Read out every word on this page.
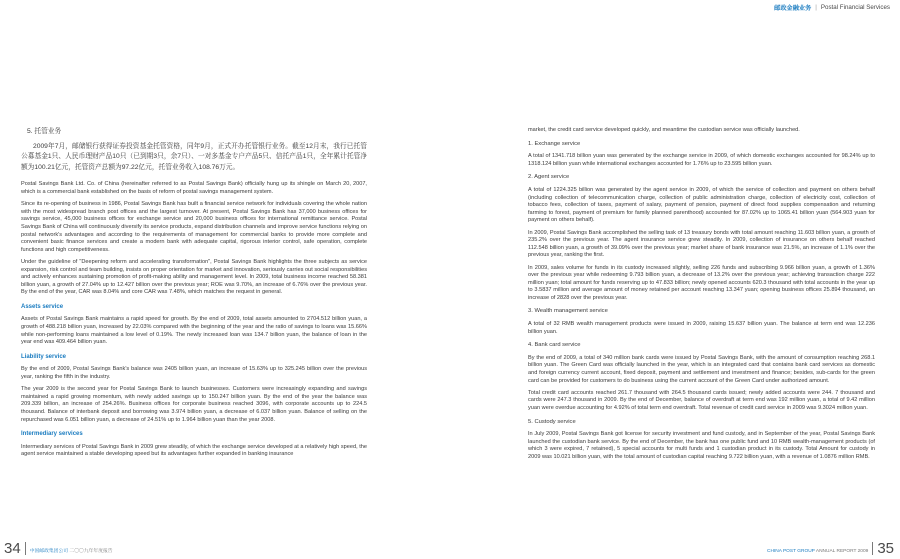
邮政金融业务 | Postal Financial Services
5. 托管业务
2009年7月，邮储银行获得证券投资基金托管资格，同年9月，正式开办托管银行业务。截至12月末，我行已托管公募基金1只、人民币理财产品10只（已到期3只，余7只）、一对多基金专户产品5只、信托产品1只，全年累计托管净额为100.21亿元，托管资产总额为97.22亿元，托管业务收入108.76万元。

Postal Savings Bank Ltd. Co. of China (hereinafter referred to as Postal Savings Bank) officially hung up its shingle on March 20, 2007, which is a commercial bank established on the basis of reform of postal savings management system.

Since its re-opening of business in 1986, Postal Savings Bank has built a financial service network for individuals covering the whole nation with the most widespread branch post offices and the largest turnover. At present, Postal Savings Bank has 37,000 business offices for savings service, 45,000 business offices for exchange service and 20,000 business offices for international remittance service. Postal Savings Bank of China will continuously diversify its service products, expand distribution channels and improve service functions relying on postal network's advantages and according to the requirements of management for commercial banks to provide more complete and convenient basic finance services and create a modern bank with adequate capital, rigorous interior control, safe operation, complete functions and high competitiveness.

Under the guideline of "Deepening reform and accelerating transformation", Postal Savings Bank highlights the three subjects as service expansion, risk control and team building, insists on proper orientation for market and innovation, seriously carries out social responsibilities and actively enhances sustaining promotion of profit-making ability and management level. In 2009, total business income reached 58.381 billion yuan, a growth of 27.04% up to 12.427 billion over the previous year; ROE was 9.70%, an increase of 6.76% over the previous year. By the end of the year, CAR was 8.04% and core CAR was 7.48%, which matches the request in general.

Assets service

Assets of Postal Savings Bank maintains a rapid speed for growth. By the end of 2009, total assets amounted to 2704.512 billion yuan, a growth of 488.218 billion yuan, increased by 22.03% compared with the beginning of the year and the ratio of savings to loans was 15.66% while non-performing loans maintained a low level of 0.19%. The newly increased loan was 134.7 billion yuan, the balance of loan in the year end was 409.464 billion yuan.

Liability service

By the end of 2009, Postal Savings Bank's balance was 2405 billion yuan, an increase of 15.63% up to 325.245 billion over the previous year, ranking the fifth in the industry.

The year 2009 is the second year for Postal Savings Bank to launch businesses. Customers were increasingly expanding and savings maintained a rapid growing momentum, with newly added savings up to 150.247 billion yuan. By the end of the year the balance was 209.339 billion, an increase of 254.26%. Business offices for corporate business reached 3096, with corporate accounts up to 224.5 thousand. Balance of interbank deposit and borrowing was 3.974 billion yuan, a decrease of 6.037 billion yuan. Balance of selling on the repurchased was 6.051 billion yuan, a decrease of 24.51% up to 1.964 billion yuan than the year 2008.

Intermediary services

Intermediary services of Postal Savings Bank in 2009 grew steadily, of which the exchange service developed at a relatively high speed, the agent service maintained a stable developing speed but its advantages further expanded in banking insurance

market, the credit card service developed quickly, and meantime the custodian service was officially launched.

1. Exchange service

A total of 1341.718 billion yuan was generated by the exchange service in 2009, of which domestic exchanges accounted for 98.24% up to 1318.124 billion yuan while international exchanges accounted for 1.76% up to 23.595 billion yuan.

2. Agent service

A total of 1224.325 billion was generated by the agent service in 2009, of which the service of collection and payment on others behalf (including collection of telecommunication charge, collection of public administration charge, collection of electricity cost, collection of tobacco fees, collection of taxes, payment of salary, payment of pension, payment of direct food supplies compensation and returning farming to forest, payment of premium for family planned parenthood) accounted for 87.02% up to 1065.41 billion yuan (564.903 yuan for payment on others behalf).

In 2009, Postal Savings Bank accomplished the selling task of 13 treasury bonds with total amount reaching 11.603 billion yuan, a growth of 235.2% over the previous year. The agent insurance service grew steadily. In 2009, collection of insurance on others behalf reached 112.548 billion yuan, a growth of 39.09% over the previous year; market share of bank insurance was 21.5%, an increase of 1.1% over the previous year, ranking the first.

In 2009, sales volume for funds in its custody increased slightly, selling 226 funds and subscribing 9.966 billion yuan, a growth of 1.36% over the previous year while redeeming 9.793 billion yuan, a decrease of 13.2% over the previous year; achieving transaction charge 222 million yuan; total amount for funds reserving up to 47.833 billion; newly opened accounts 620.3 thousand with total accounts in the year up to 3.5837 million and average amount of money retained per account reaching 13.347 yuan; opening business offices 25.894 thousand, an increase of 2828 over the previous year.

3. Wealth management service

A total of 32 RMB wealth management products were issued in 2009, raising 15.637 billion yuan. The balance at term end was 12.236 billion yuan.

4. Bank card service

By the end of 2009, a total of 340 million bank cards were issued by Postal Savings Bank, with the amount of consumption reaching 268.1 billion yuan. The Green Card was officially launched in the year, which is an integrated card that contains bank card services as domestic and foreign currency current account, fixed deposit, payment and settlement and investment and finance; besides, sub-cards for the green card can be provided for customers to do business using the current account of the Green Card under authorized amount.

Total credit card accounts reached 261.7 thousand with 264.5 thousand cards issued; newly added accounts were 244. 7 thousand and cards were 247.3 thousand in 2009. By the end of December, balance of overdraft at term end was 192 million yuan, a total of 9.42 million yuan were overdue accounting for 4.92% of total term end overdraft. Total revenue of credit card service in 2009 was 9.3024 million yuan.

5. Custody service

In July 2009, Postal Savings Bank got license for security investment and fund custody, and in September of the year, Postal Savings Bank launched the custodian bank service. By the end of December, the bank has one public fund and 10 RMB wealth-management products (of which 3 were expired, 7 retained), 5 special accounts for multi funds and 1 custodian product in its custody. Total Amount for custody in 2009 was 10.021 billion yuan, with the total amount of custodian capital reaching 9.722 billion yuan, with a revenue of 1.0876 million RMB.

34 中国邮政集团公司 二〇〇九年年度报告	CHINA POST GROUP ANNUAL REPORT 2009 35
